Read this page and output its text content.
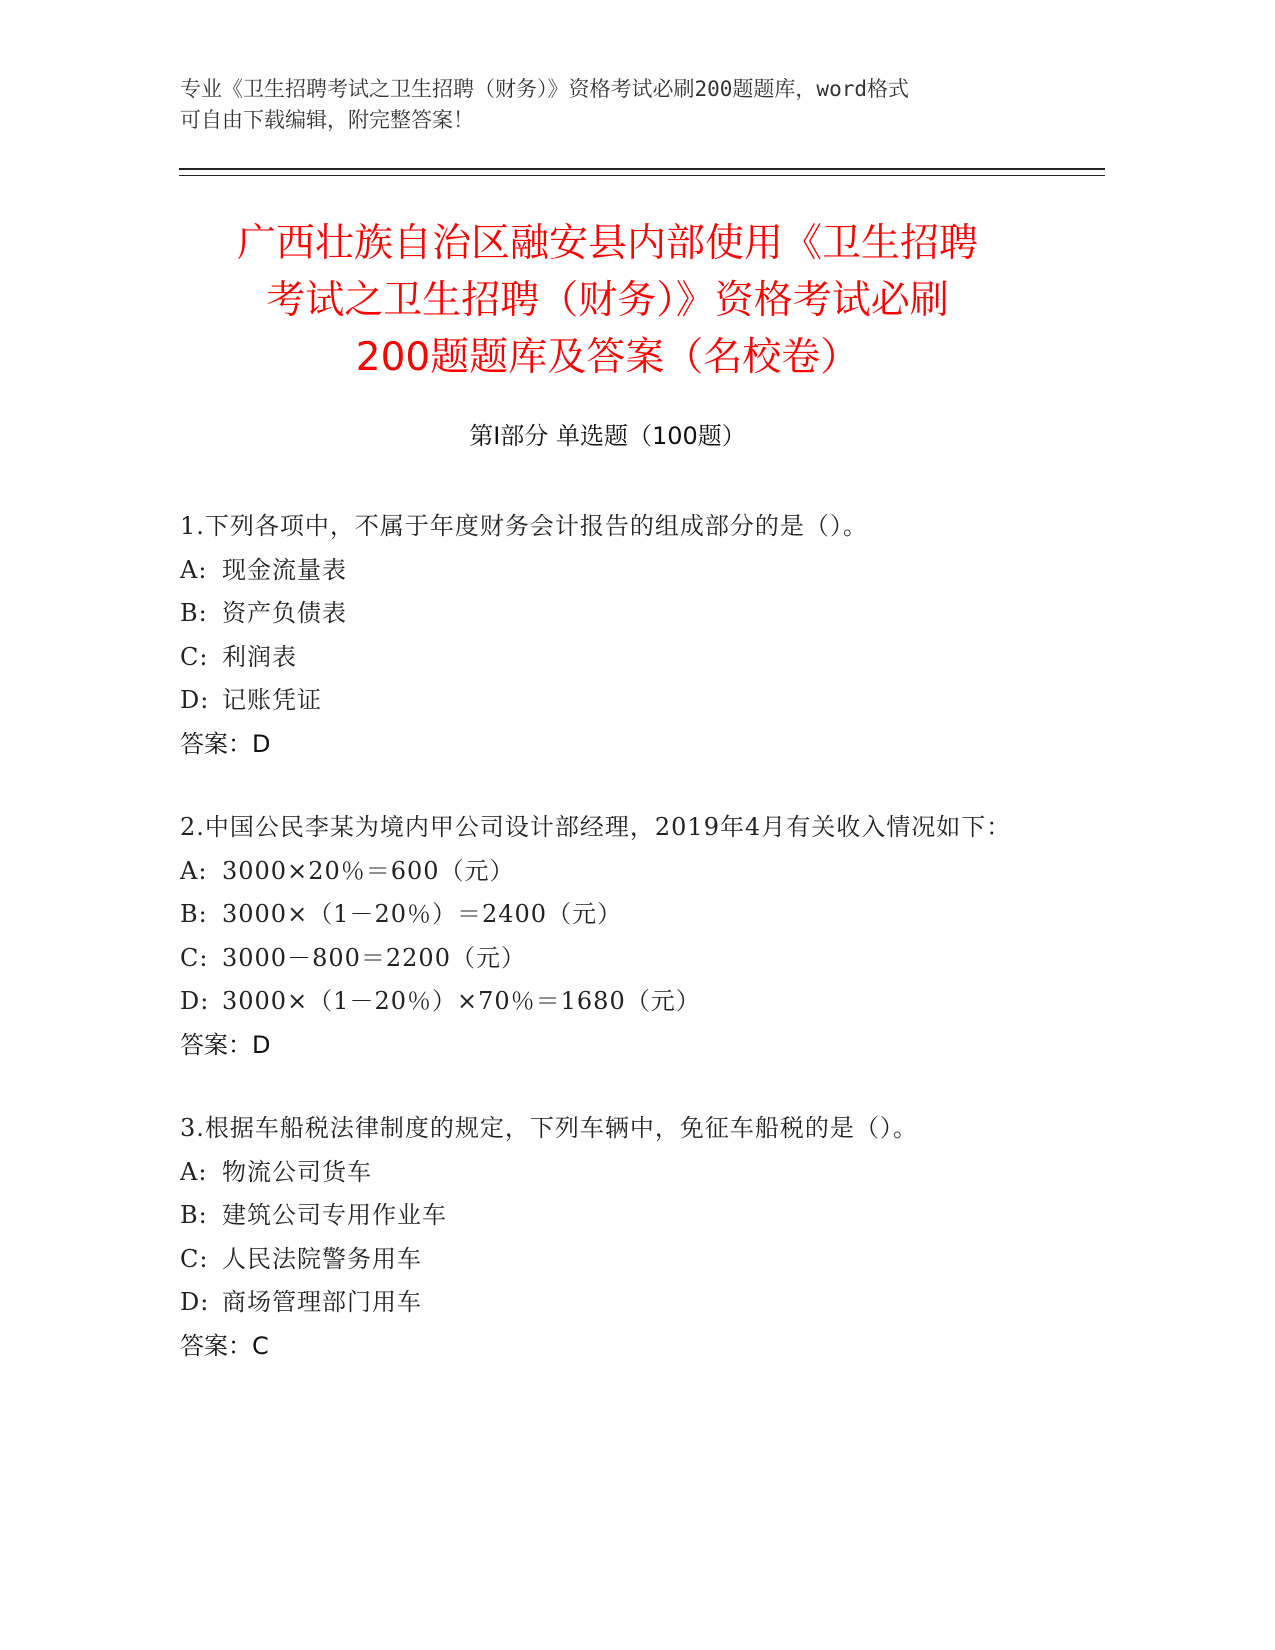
专业《卫生招聘考试之卫生招聘（财务）》资格考试必刷200题题库，word格式
可自由下载编辑，附完整答案！
广西壮族自治区融安县内部使用《卫生招聘
考试之卫生招聘（财务）》资格考试必刷
200题题库及答案（名校卷）
第Ⅰ部分 单选题（100题）

1.下列各项中，不属于年度财务会计报告的组成部分的是（）。

A: 现金流量表
B: 资产负债表
C: 利润表
D: 记账凭证

答案：D

2.中国公民李某为境内甲公司设计部经理，2019年4月有关收入情况如下：

A: 3000×20％＝600（元）
B: 3000×（1－20％）＝2400（元）
C: 3000－800＝2200（元）
D: 3000×（1－20％）×70％＝1680（元）

答案：D

3.根据车船税法律制度的规定，下列车辆中，免征车船税的是（）。

A: 物流公司货车
B: 建筑公司专用作业车
C: 人民法院警务用车
D: 商场管理部门用车

答案：C
